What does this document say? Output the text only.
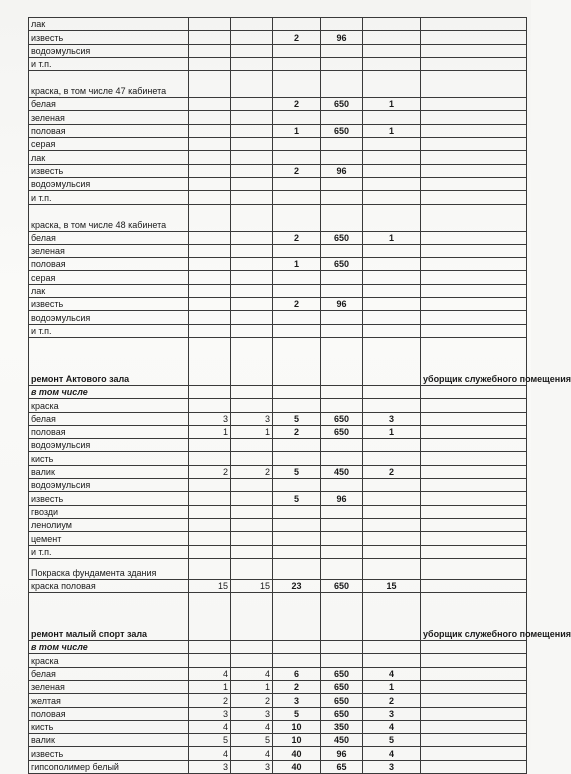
лак						
известь			2	96		
водоэмульсия						
и т.п.						
краска, в том числе 47 кабинета						
белая			2	650	1	
зеленая						
половая			1	650	1	
серая						
лак						
известь			2	96		
водоэмульсия						
и т.п.						
краска, в том числе 48 кабинета						
белая			2	650	1	
зеленая						
половая			1	650		
серая						
лак						
известь			2	96		
водоэмульсия						
и т.п.						
ремонт Актового зала						уборщик служебного помещения
в том числе						
краска						
белая	3	3	5	650	3	
половая	1	1	2	650	1	
водоэмульсия						
кисть						
валик	2	2	5	450	2	
водоэмульсия						
известь			5	96		
гвозди						
ленолиум						
цемент						
и т.п.						
Покраска фундамента здания						
краска половая	15	15	23	650	15	
ремонт малый спорт зала						уборщик служебного помещения
в том числе						
краска						
белая	4	4	6	650	4	
зеленая	1	1	2	650	1	
желтая	2	2	3	650	2	
половая	3	3	5	650	3	
кисть	4	4	10	350	4	
валик	5	5	10	450	5	
известь	4	4	40	96	4	
гипсополимер белый	3	3	40	65	3	
